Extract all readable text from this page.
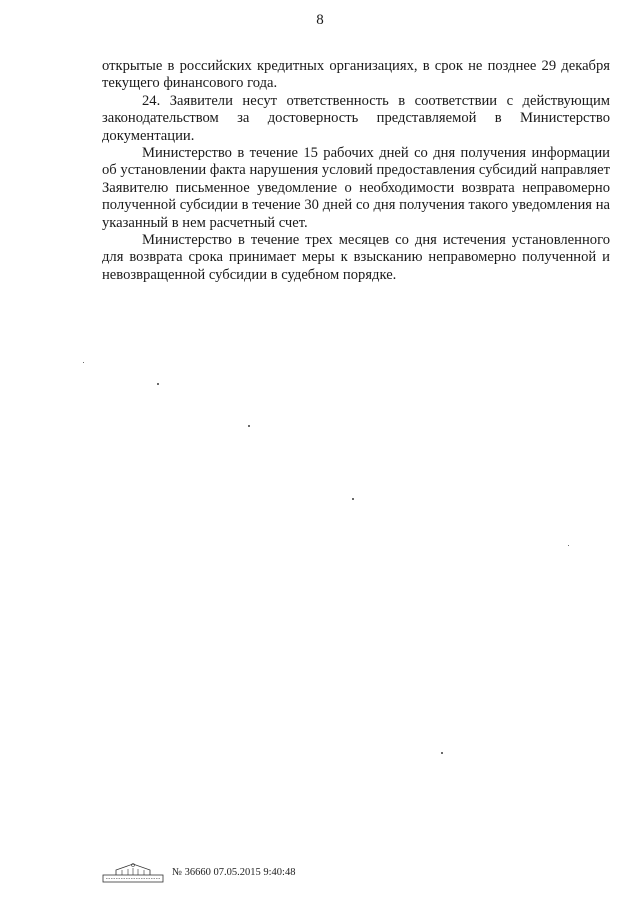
8

открытые в российских кредитных организациях, в срок не позднее 29 декабря текущего финансового года.

24. Заявители несут ответственность в соответствии с действующим законодательством за достоверность представляемой в Министерство документации.

Министерство в течение 15 рабочих дней со дня получения информации об установлении факта нарушения условий предоставления субсидий направляет Заявителю письменное уведомление о необходимости возврата неправомерно полученной субсидии в течение 30 дней со дня получения такого уведомления на указанный в нем расчетный счет.

Министерство в течение трех месяцев со дня истечения установленного для возврата срока принимает меры к взысканию неправомерно полученной и невозвращенной субсидии в судебном порядке.

№ 36660 07.05.2015 9:40:48
